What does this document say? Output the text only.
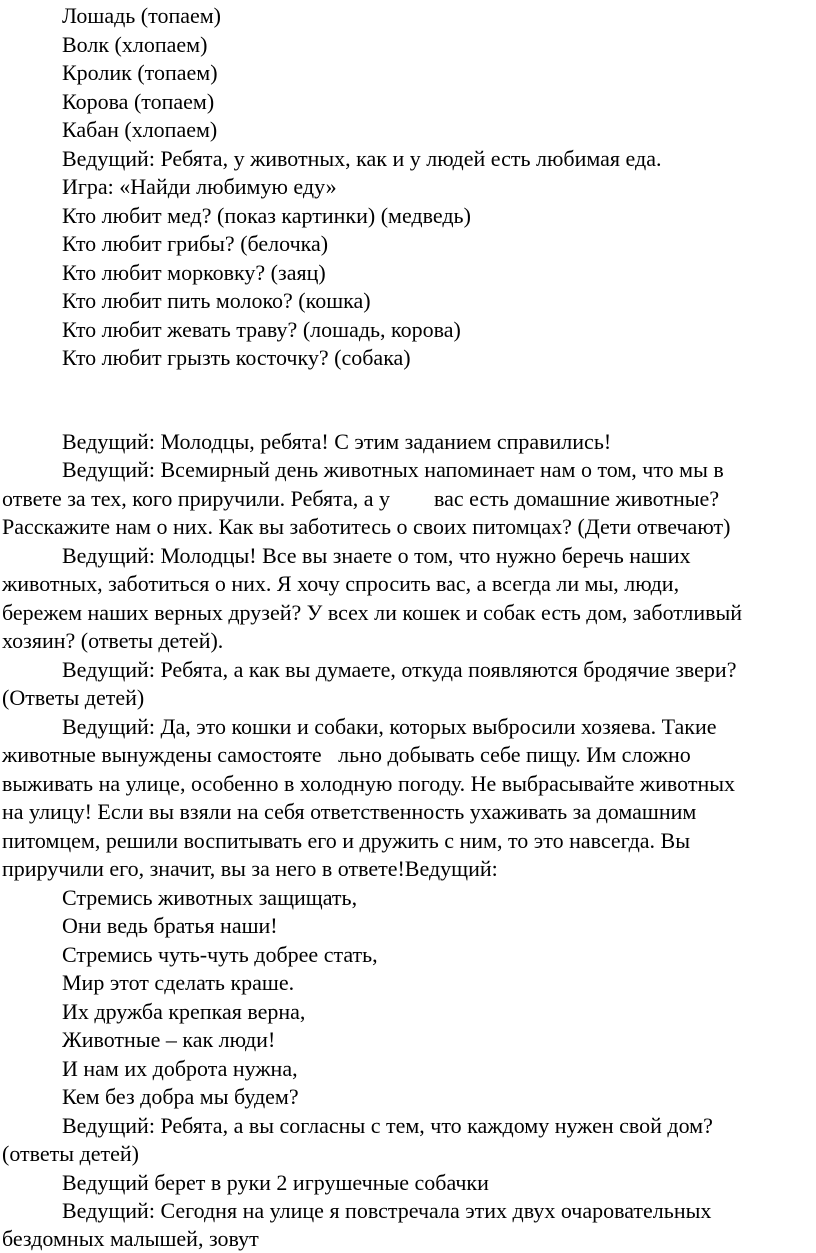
Лошадь (топаем)
Волк (хлопаем)
Кролик (топаем)
Корова (топаем)
Кабан (хлопаем)
Ведущий: Ребята, у животных, как и у людей есть любимая еда.
Игра: «Найди любимую еду»
Кто любит мед? (показ картинки) (медведь)
Кто любит грибы? (белочка)
Кто любит морковку? (заяц)
Кто любит пить молоко? (кошка)
Кто любит жевать траву? (лошадь, корова)
Кто любит грызть косточку? (собака)
Ведущий: Молодцы, ребята! С этим заданием справились!
Ведущий: Всемирный день животных напоминает нам о том, что мы в
ответе за тех, кого приручили. Ребята, а у        вас есть домашние животные?
Расскажите нам о них. Как вы заботитесь о своих питомцах? (Дети отвечают)
Ведущий: Молодцы! Все вы знаете о том, что нужно беречь наших
животных, заботиться о них. Я хочу спросить вас, а всегда ли мы, люди,
бережем наших верных друзей? У всех ли кошек и собак есть дом, заботливый
хозяин? (ответы детей).
Ведущий: Ребята, а как вы думаете, откуда появляются бродячие звери?
(Ответы детей)
Ведущий: Да, это кошки и собаки, которых выбросили хозяева. Такие
животные вынуждены самостояте   льно добывать себе пищу. Им сложно
выживать на улице, особенно в холодную погоду. Не выбрасывайте животных
на улицу! Если вы взяли на себя ответственность ухаживать за домашним
питомцем, решили воспитывать его и дружить с ним, то это навсегда. Вы
приручили его, значит, вы за него в ответе!Ведущий:
Стремись животных защищать,
Они ведь братья наши!
Стремись чуть-чуть добрее стать,
Мир этот сделать краше.
Их дружба крепкая верна,
Животные – как люди!
И нам их доброта нужна,
Кем без добра мы будем?
Ведущий: Ребята, а вы согласны с тем, что каждому нужен свой дом?
(ответы детей)
Ведущий берет в руки 2 игрушечные собачки
Ведущий: Сегодня на улице я повстречала этих двух очаровательных
бездомных малышей, зовут
